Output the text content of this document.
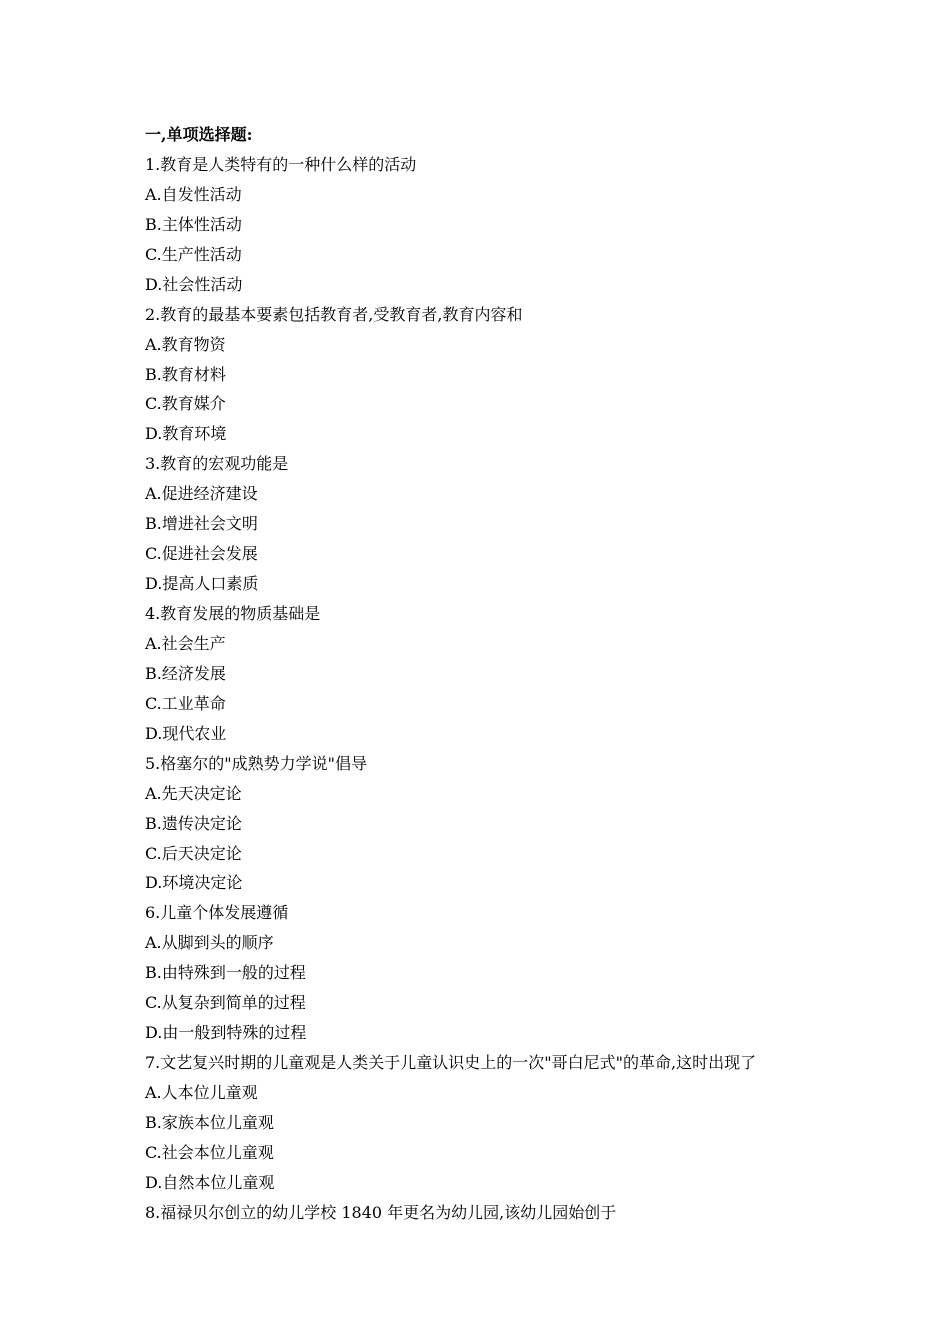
一,单项选择题:
1.教育是人类特有的一种什么样的活动
A.自发性活动
B.主体性活动
C.生产性活动
D.社会性活动
2.教育的最基本要素包括教育者,受教育者,教育内容和
A.教育物资
B.教育材料
C.教育媒介
D.教育环境
3.教育的宏观功能是
A.促进经济建设
B.增进社会文明
C.促进社会发展
D.提高人口素质
4.教育发展的物质基础是
A.社会生产
B.经济发展
C.工业革命
D.现代农业
5.格塞尔的"成熟势力学说"倡导
A.先天决定论
B.遗传决定论
C.后天决定论
D.环境决定论
6.儿童个体发展遵循
A.从脚到头的顺序
B.由特殊到一般的过程
C.从复杂到简单的过程
D.由一般到特殊的过程
7.文艺复兴时期的儿童观是人类关于儿童认识史上的一次"哥白尼式"的革命,这时出现了
A.人本位儿童观
B.家族本位儿童观
C.社会本位儿童观
D.自然本位儿童观
8.福禄贝尔创立的幼儿学校 1840 年更名为幼儿园,该幼儿园始创于
